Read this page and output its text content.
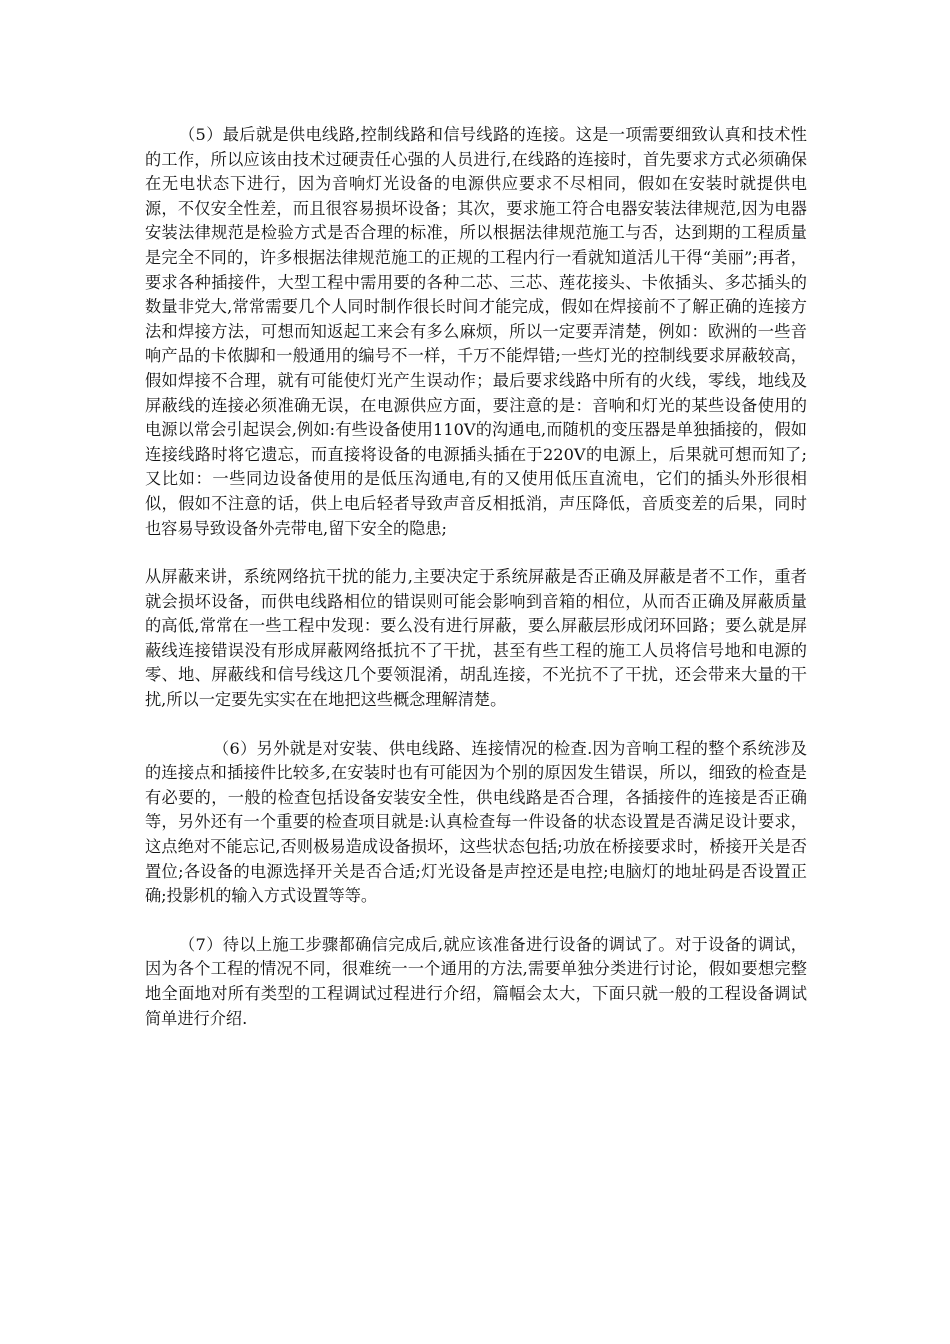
（5）最后就是供电线路,控制线路和信号线路的连接。这是一项需要细致认真和技术性的工作，所以应该由技术过硬责任心强的人员进行,在线路的连接时，首先要求方式必须确保在无电状态下进行，因为音响灯光设备的电源供应要求不尽相同，假如在安装时就提供电源，不仅安全性差，而且很容易损坏设备；其次，要求施工符合电器安装法律规范,因为电器安装法律规范是检验方式是否合理的标准，所以根据法律规范施工与否，达到期的工程质量是完全不同的，许多根据法律规范施工的正规的工程内行一看就知道活儿干得“美丽”;再者，要求各种插接件，大型工程中需用要的各种二芯、三芯、莲花接头、卡侬插头、多芯插头的数量非党大,常常需要几个人同时制作很长时间才能完成，假如在焊接前不了解正确的连接方法和焊接方法，可想而知返起工来会有多么麻烦，所以一定要弄清楚，例如：欧洲的一些音响产品的卡侬脚和一般通用的编号不一样，千万不能焊错;一些灯光的控制线要求屏蔽较高，假如焊接不合理，就有可能使灯光产生误动作；最后要求线路中所有的火线，零线，地线及屏蔽线的连接必须准确无误，在电源供应方面，要注意的是：音响和灯光的某些设备使用的电源以常会引起误会,例如:有些设备使用110V的沟通电,而随机的变压器是单独插接的，假如连接线路时将它遗忘，而直接将设备的电源插头插在于220V的电源上，后果就可想而知了;又比如：一些同边设备使用的是低压沟通电,有的又使用低压直流电，它们的插头外形很相似，假如不注意的话，供上电后轻者导致声音反相抵消，声压降低，音质变差的后果，同时也容易导致设备外壳带电,留下安全的隐患;

从屏蔽来讲，系统网络抗干扰的能力,主要决定于系统屏蔽是否正确及屏蔽是者不工作，重者就会损坏设备，而供电线路相位的错误则可能会影响到音箱的相位，从而否正确及屏蔽质量的高低,常常在一些工程中发现：要么没有进行屏蔽，要么屏蔽层形成闭环回路；要么就是屏蔽线连接错误没有形成屏蔽网络抵抗不了干扰，甚至有些工程的施工人员将信号地和电源的零、地、屏蔽线和信号线这几个要领混淆，胡乱连接，不光抗不了干扰，还会带来大量的干扰,所以一定要先实实在在地把这些概念理解清楚。

（6）另外就是对安装、供电线路、连接情况的检查.因为音响工程的整个系统涉及的连接点和插接件比较多,在安装时也有可能因为个别的原因发生错误，所以，细致的检查是有必要的，一般的检查包括设备安装安全性，供电线路是否合理，各插接件的连接是否正确等，另外还有一个重要的检查项目就是:认真检查每一件设备的状态设置是否满足设计要求，这点绝对不能忘记,否则极易造成设备损坏，这些状态包括;功放在桥接要求时，桥接开关是否置位;各设备的电源选择开关是否合适;灯光设备是声控还是电控;电脑灯的地址码是否设置正确;投影机的输入方式设置等等。

（7）待以上施工步骤都确信完成后,就应该准备进行设备的调试了。对于设备的调试，因为各个工程的情况不同，很难统一一个通用的方法,需要单独分类进行讨论，假如要想完整地全面地对所有类型的工程调试过程进行介绍，篇幅会太大，下面只就一般的工程设备调试简单进行介绍.
